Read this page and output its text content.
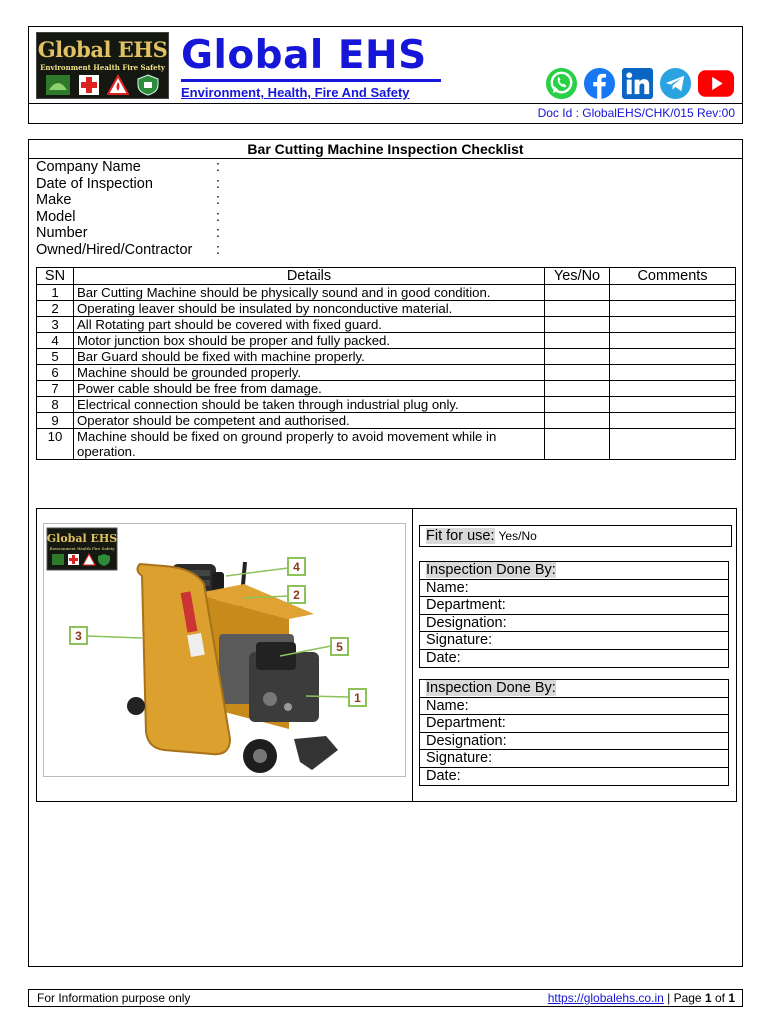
Global EHS
Environment Health Fire Safety Global EHS
Environment, Health, Fire And Safety
Doc Id : GlobalEHS/CHK/015 Rev:00
Bar Cutting Machine Inspection Checklist
Company Name	:
Date of Inspection	:
Make	:
Model	:
Number	:
Owned/Hired/Contractor	:
SN	Details	Yes/No	Comments
1	Bar Cutting Machine should be physically sound and in good condition.		
2	Operating leaver should be insulated by nonconductive material.		
3	All Rotating part should be covered with fixed guard.		
4	Motor junction box should be proper and fully packed.		
5	Bar Guard should be fixed with machine properly.		
6	Machine should be grounded properly.		
7	Power cable should be free from damage.		
8	Electrical connection should be taken through industrial plug only.		
9	Operator should be competent and authorised.		
10	Machine should be fixed on ground properly to avoid movement while in operation.		
Global EHS
Environment Health Fire Safety
4
2
3
5
1
Fit for use: Yes/No
Inspection Done By:
Name:
Department:
Designation:
Signature:
Date:
Inspection Done By:
Name:
Department:
Designation:
Signature:
Date:
For Information purpose only	https://globalehs.co.in | Page 1 of 1
